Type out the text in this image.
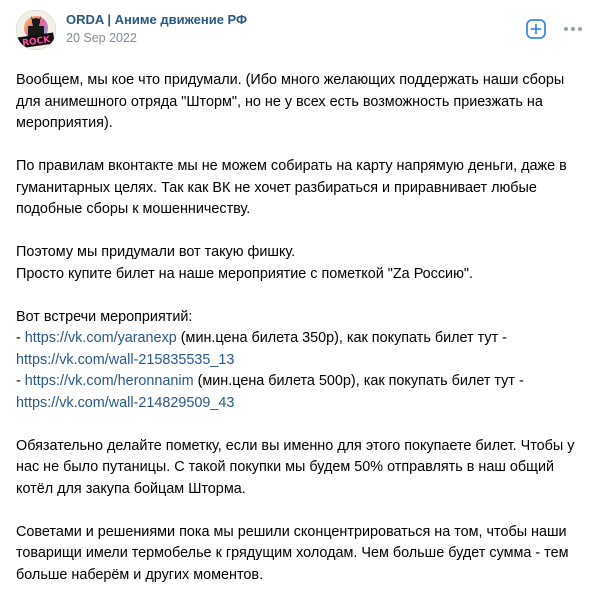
ROCK
ORDA | Аниме движение РФ
20 Sep 2022

Вообщем, мы кое что придумали. (Ибо много желающих поддержать наши сборы для анимешного отряда "Шторм", но не у всех есть возможность приезжать на мероприятия).

По правилам вконтакте мы не можем собирать на карту напрямую деньги, даже в гуманитарных целях. Так как ВК не хочет разбираться и приравнивает любые подобные сборы к мошенничеству.

Поэтому мы придумали вот такую фишку.
Просто купите билет на наше мероприятие с пометкой "Zа Россию".

Вот встречи мероприятий:
- https://vk.com/yaranexp (мин.цена билета 350р), как покупать билет тут -
https://vk.com/wall-215835535_13
- https://vk.com/heronnanim (мин.цена билета 500р), как покупать билет тут -
https://vk.com/wall-214829509_43

Обязательно делайте пометку, если вы именно для этого покупаете билет. Чтобы у нас не было путаницы. С такой покупки мы будем 50% отправлять в наш общий котёл для закупа бойцам Шторма.

Советами и решениями пока мы решили сконцентрироваться на том, чтобы наши товарищи имели термобелье к грядущим холодам. Чем больше будет сумма - тем больше наберём и других моментов.
